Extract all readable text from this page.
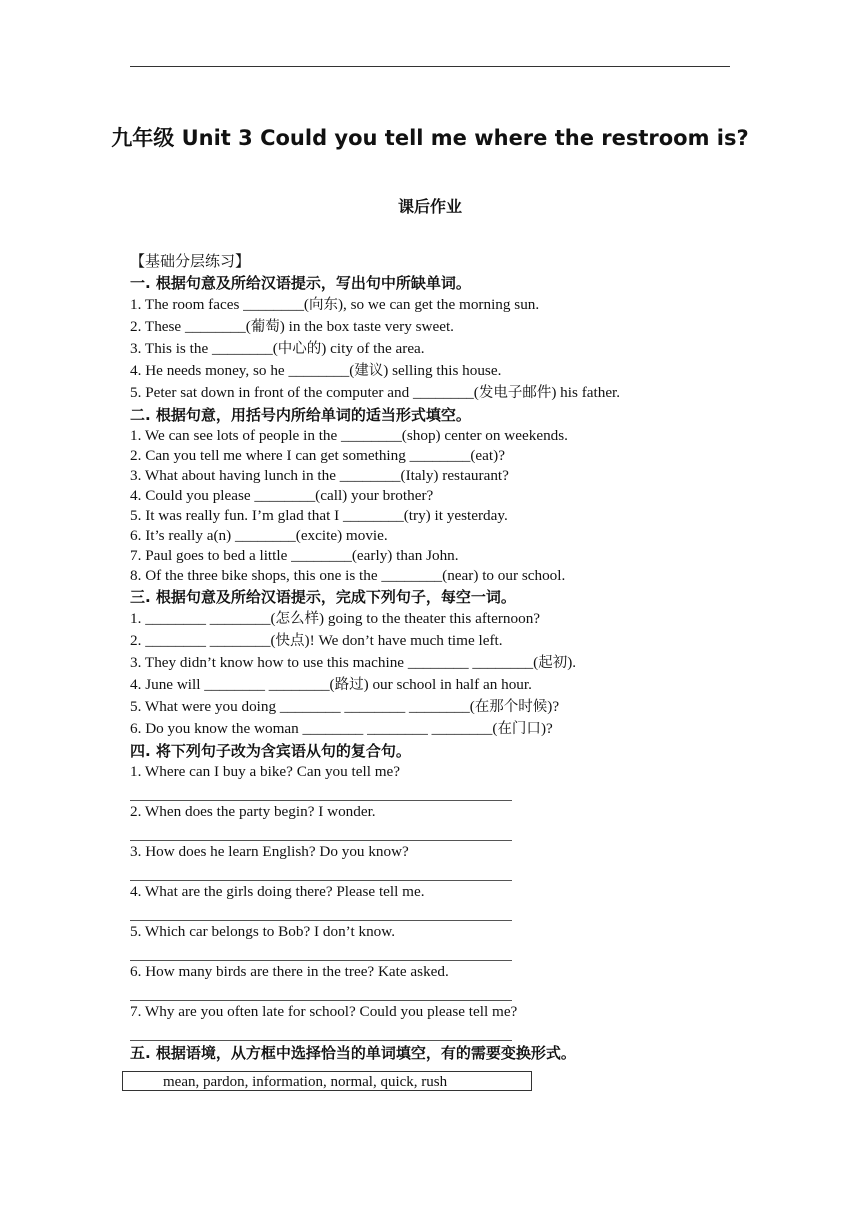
九年级 Unit 3 Could you tell me where the restroom is?
课后作业
【基础分层练习】
一. 根据句意及所给汉语提示，写出句中所缺单词。
1. The room faces ________(向东), so we can get the morning sun.
2. These ________(葡萄) in the box taste very sweet.
3. This is the ________(中心的) city of the area.
4. He needs money, so he ________(建议) selling this house.
5. Peter sat down in front of the computer and ________(发电子邮件) his father.
二. 根据句意，用括号内所给单词的适当形式填空。
1. We can see lots of people in the ________(shop) center on weekends.
2. Can you tell me where I can get something ________(eat)?
3. What about having lunch in the ________(Italy) restaurant?
4. Could you please ________(call) your brother?
5. It was really fun. I’m glad that I ________(try) it yesterday.
6. It’s really a(n) ________(excite) movie.
7. Paul goes to bed a little ________(early) than John.
8. Of the three bike shops, this one is the ________(near) to our school.
三. 根据句意及所给汉语提示，完成下列句子，每空一词。
1. ________ ________(怎么样) going to the theater this afternoon?
2. ________ ________(快点)! We don’t have much time left.
3. They didn’t know how to use this machine ________ ________(起初).
4. June will ________ ________(路过) our school in half an hour.
5. What were you doing ________ ________ ________(在那个时候)?
6. Do you know the woman ________ ________ ________(在门口)?
四. 将下列句子改为含宾语从句的复合句。
1. Where can I buy a bike? Can you tell me?
2. When does the party begin? I wonder.
3. How does he learn English? Do you know?
4. What are the girls doing there? Please tell me.
5. Which car belongs to Bob? I don’t know.
6. How many birds are there in the tree? Kate asked.
7. Why are you often late for school? Could you please tell me?
五. 根据语境，从方框中选择恰当的单词填空，有的需要变换形式。
mean, pardon, information, normal, quick, rush
